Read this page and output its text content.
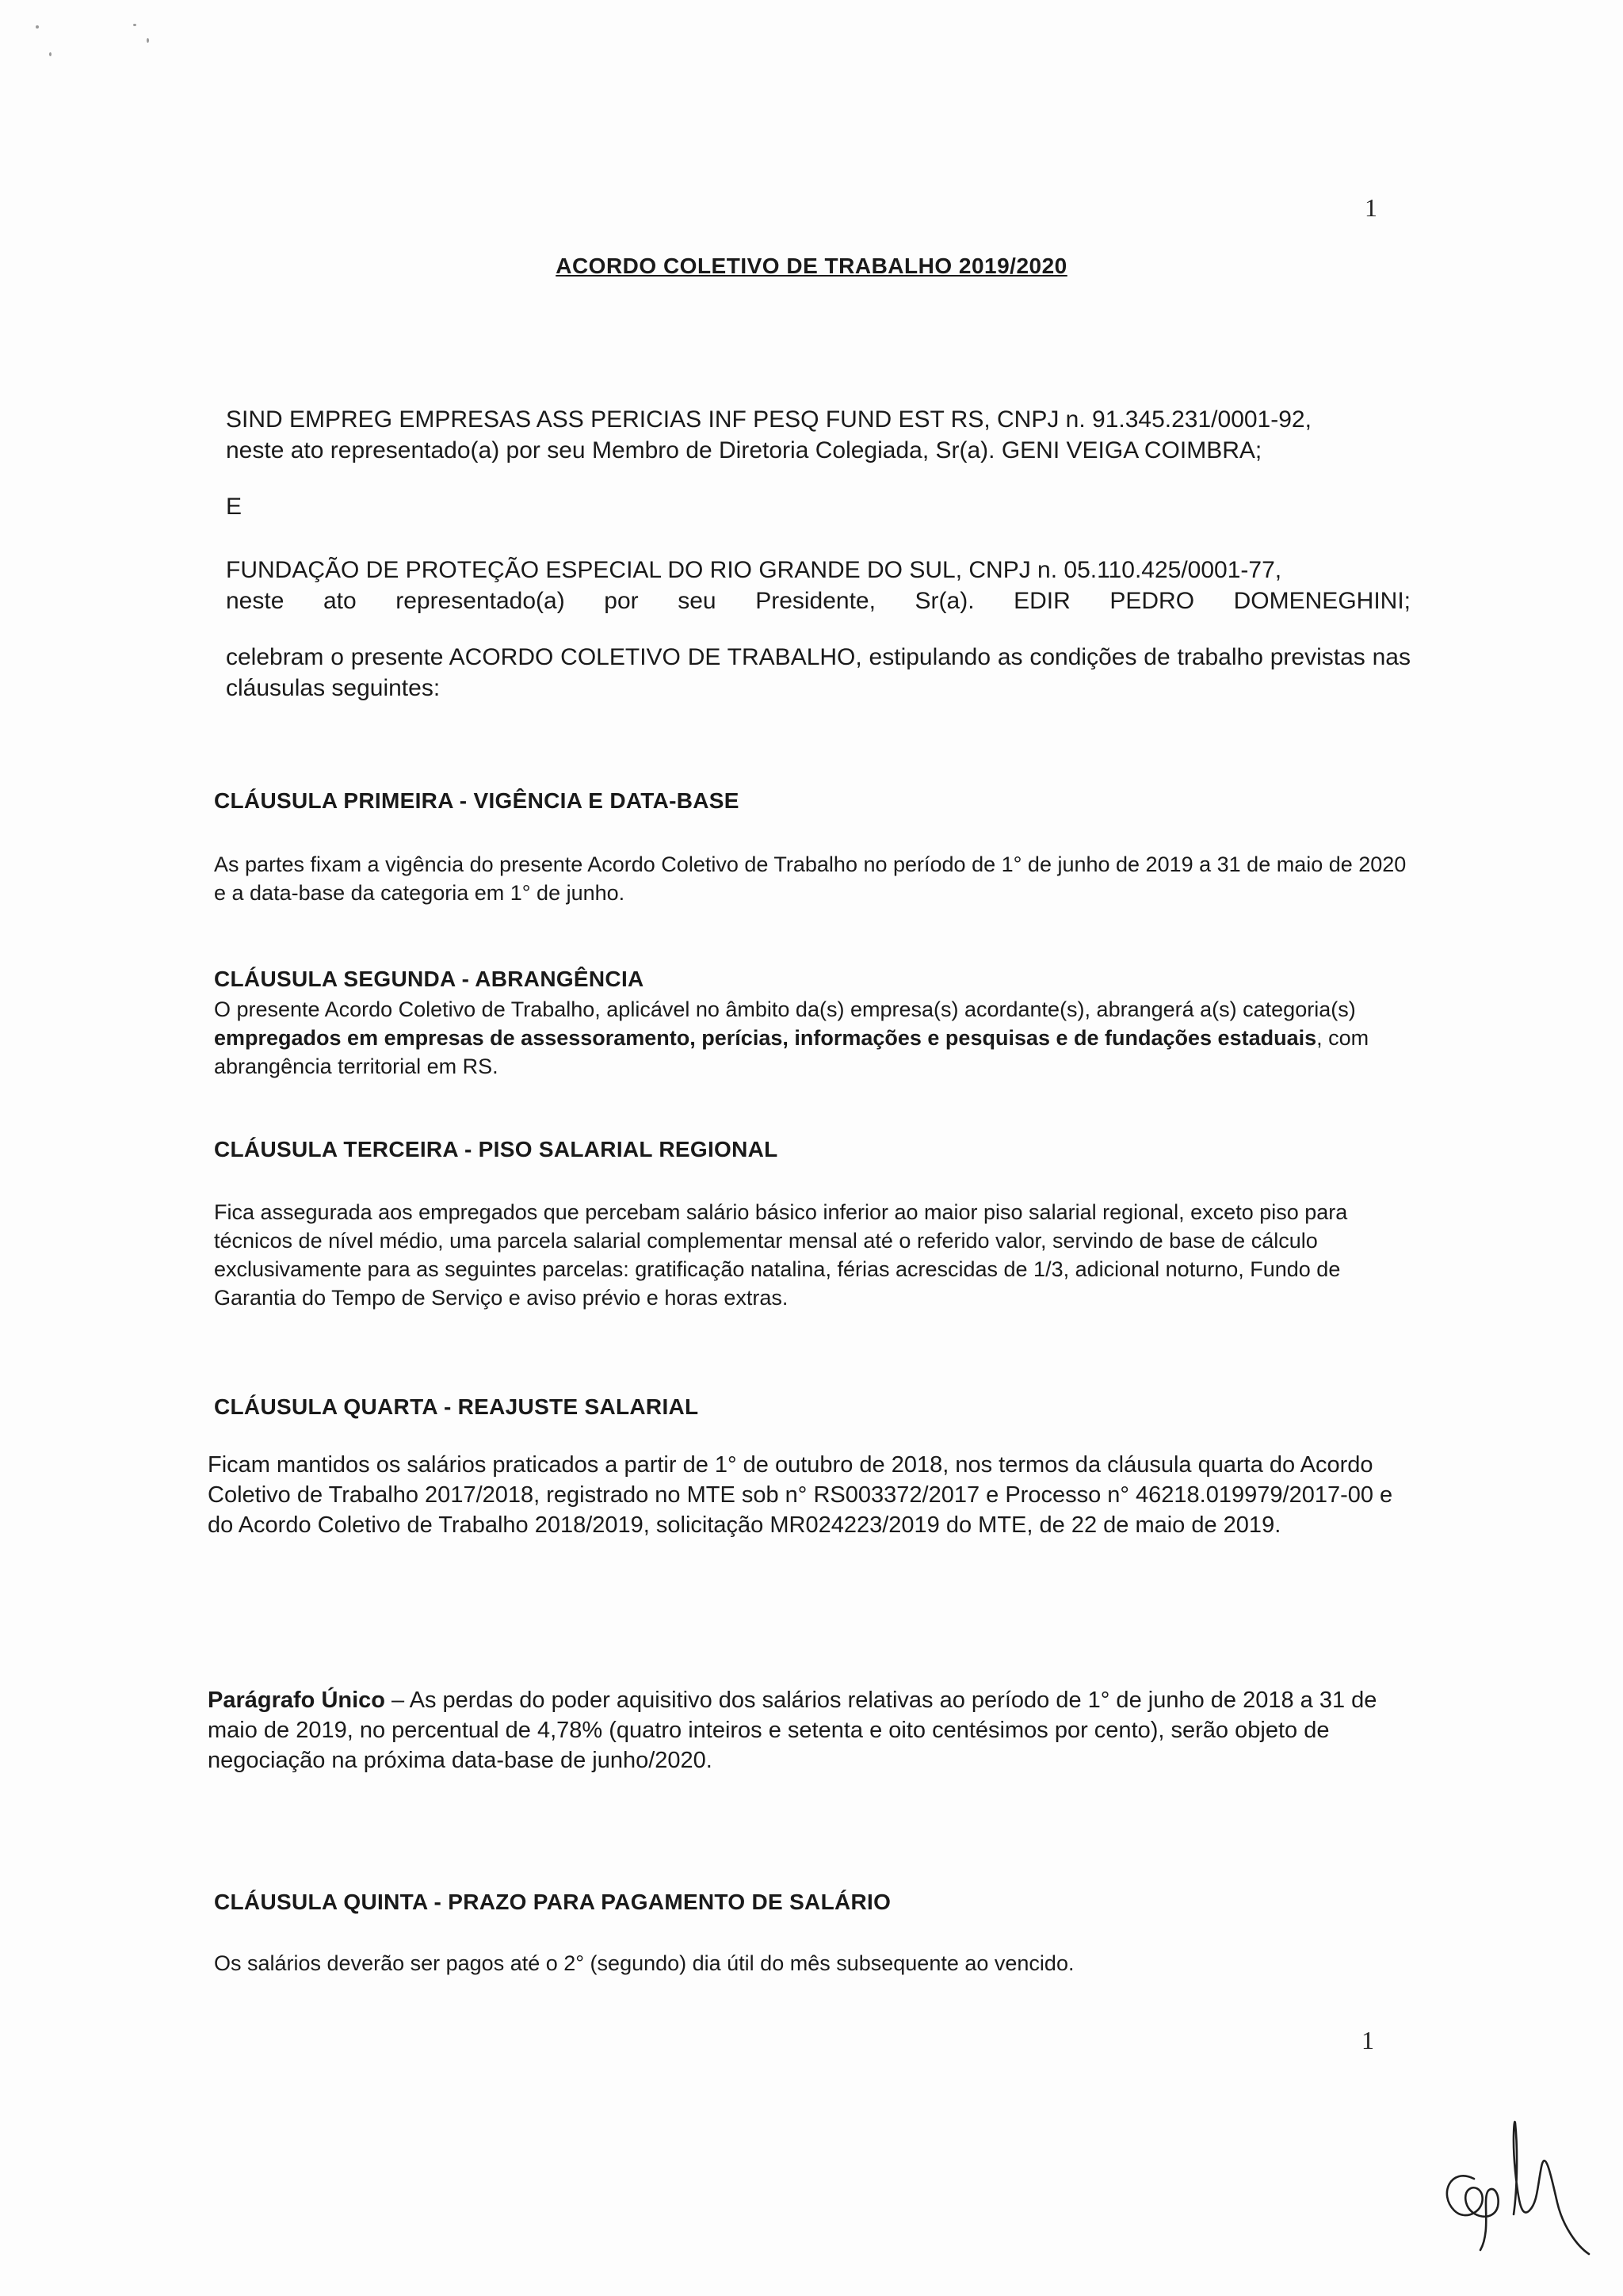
1
ACORDO COLETIVO DE TRABALHO 2019/2020
SIND EMPREG EMPRESAS ASS PERICIAS INF PESQ FUND EST RS, CNPJ n. 91.345.231/0001-92,
neste ato representado(a) por seu Membro de Diretoria Colegiada, Sr(a). GENI VEIGA COIMBRA;
E
FUNDAÇÃO DE PROTEÇÃO ESPECIAL DO RIO GRANDE DO SUL, CNPJ n. 05.110.425/0001-77,
neste ato representado(a) por seu Presidente, Sr(a). EDIR PEDRO DOMENEGHINI;
celebram o presente ACORDO COLETIVO DE TRABALHO, estipulando as condições de trabalho previstas nas cláusulas seguintes:
CLÁUSULA PRIMEIRA - VIGÊNCIA E DATA-BASE
As partes fixam a vigência do presente Acordo Coletivo de Trabalho no período de 1° de junho de 2019 a 31 de maio de 2020 e a data-base da categoria em 1° de junho.
CLÁUSULA SEGUNDA - ABRANGÊNCIA
O presente Acordo Coletivo de Trabalho, aplicável no âmbito da(s) empresa(s) acordante(s), abrangerá a(s) categoria(s) empregados em empresas de assessoramento, perícias, informações e pesquisas e de fundações estaduais, com abrangência territorial em RS.
CLÁUSULA TERCEIRA - PISO SALARIAL REGIONAL
Fica assegurada aos empregados que percebam salário básico inferior ao maior piso salarial regional, exceto piso para técnicos de nível médio, uma parcela salarial complementar mensal até o referido valor, servindo de base de cálculo exclusivamente para as seguintes parcelas: gratificação natalina, férias acrescidas de 1/3, adicional noturno, Fundo de Garantia do Tempo de Serviço e aviso prévio e horas extras.
CLÁUSULA QUARTA - REAJUSTE SALARIAL
Ficam mantidos os salários praticados a partir de 1° de outubro de 2018, nos termos da cláusula quarta do Acordo Coletivo de Trabalho 2017/2018, registrado no MTE sob n° RS003372/2017 e Processo n° 46218.019979/2017-00 e do Acordo Coletivo de Trabalho 2018/2019, solicitação MR024223/2019 do MTE, de 22 de maio de 2019.
Parágrafo Único – As perdas do poder aquisitivo dos salários relativas ao período de 1° de junho de 2018 a 31 de maio de 2019, no percentual de 4,78% (quatro inteiros e setenta e oito centésimos por cento), serão objeto de negociação na próxima data-base de junho/2020.
CLÁUSULA QUINTA - PRAZO PARA PAGAMENTO DE SALÁRIO
Os salários deverão ser pagos até o 2° (segundo) dia útil do mês subsequente ao vencido.
1
